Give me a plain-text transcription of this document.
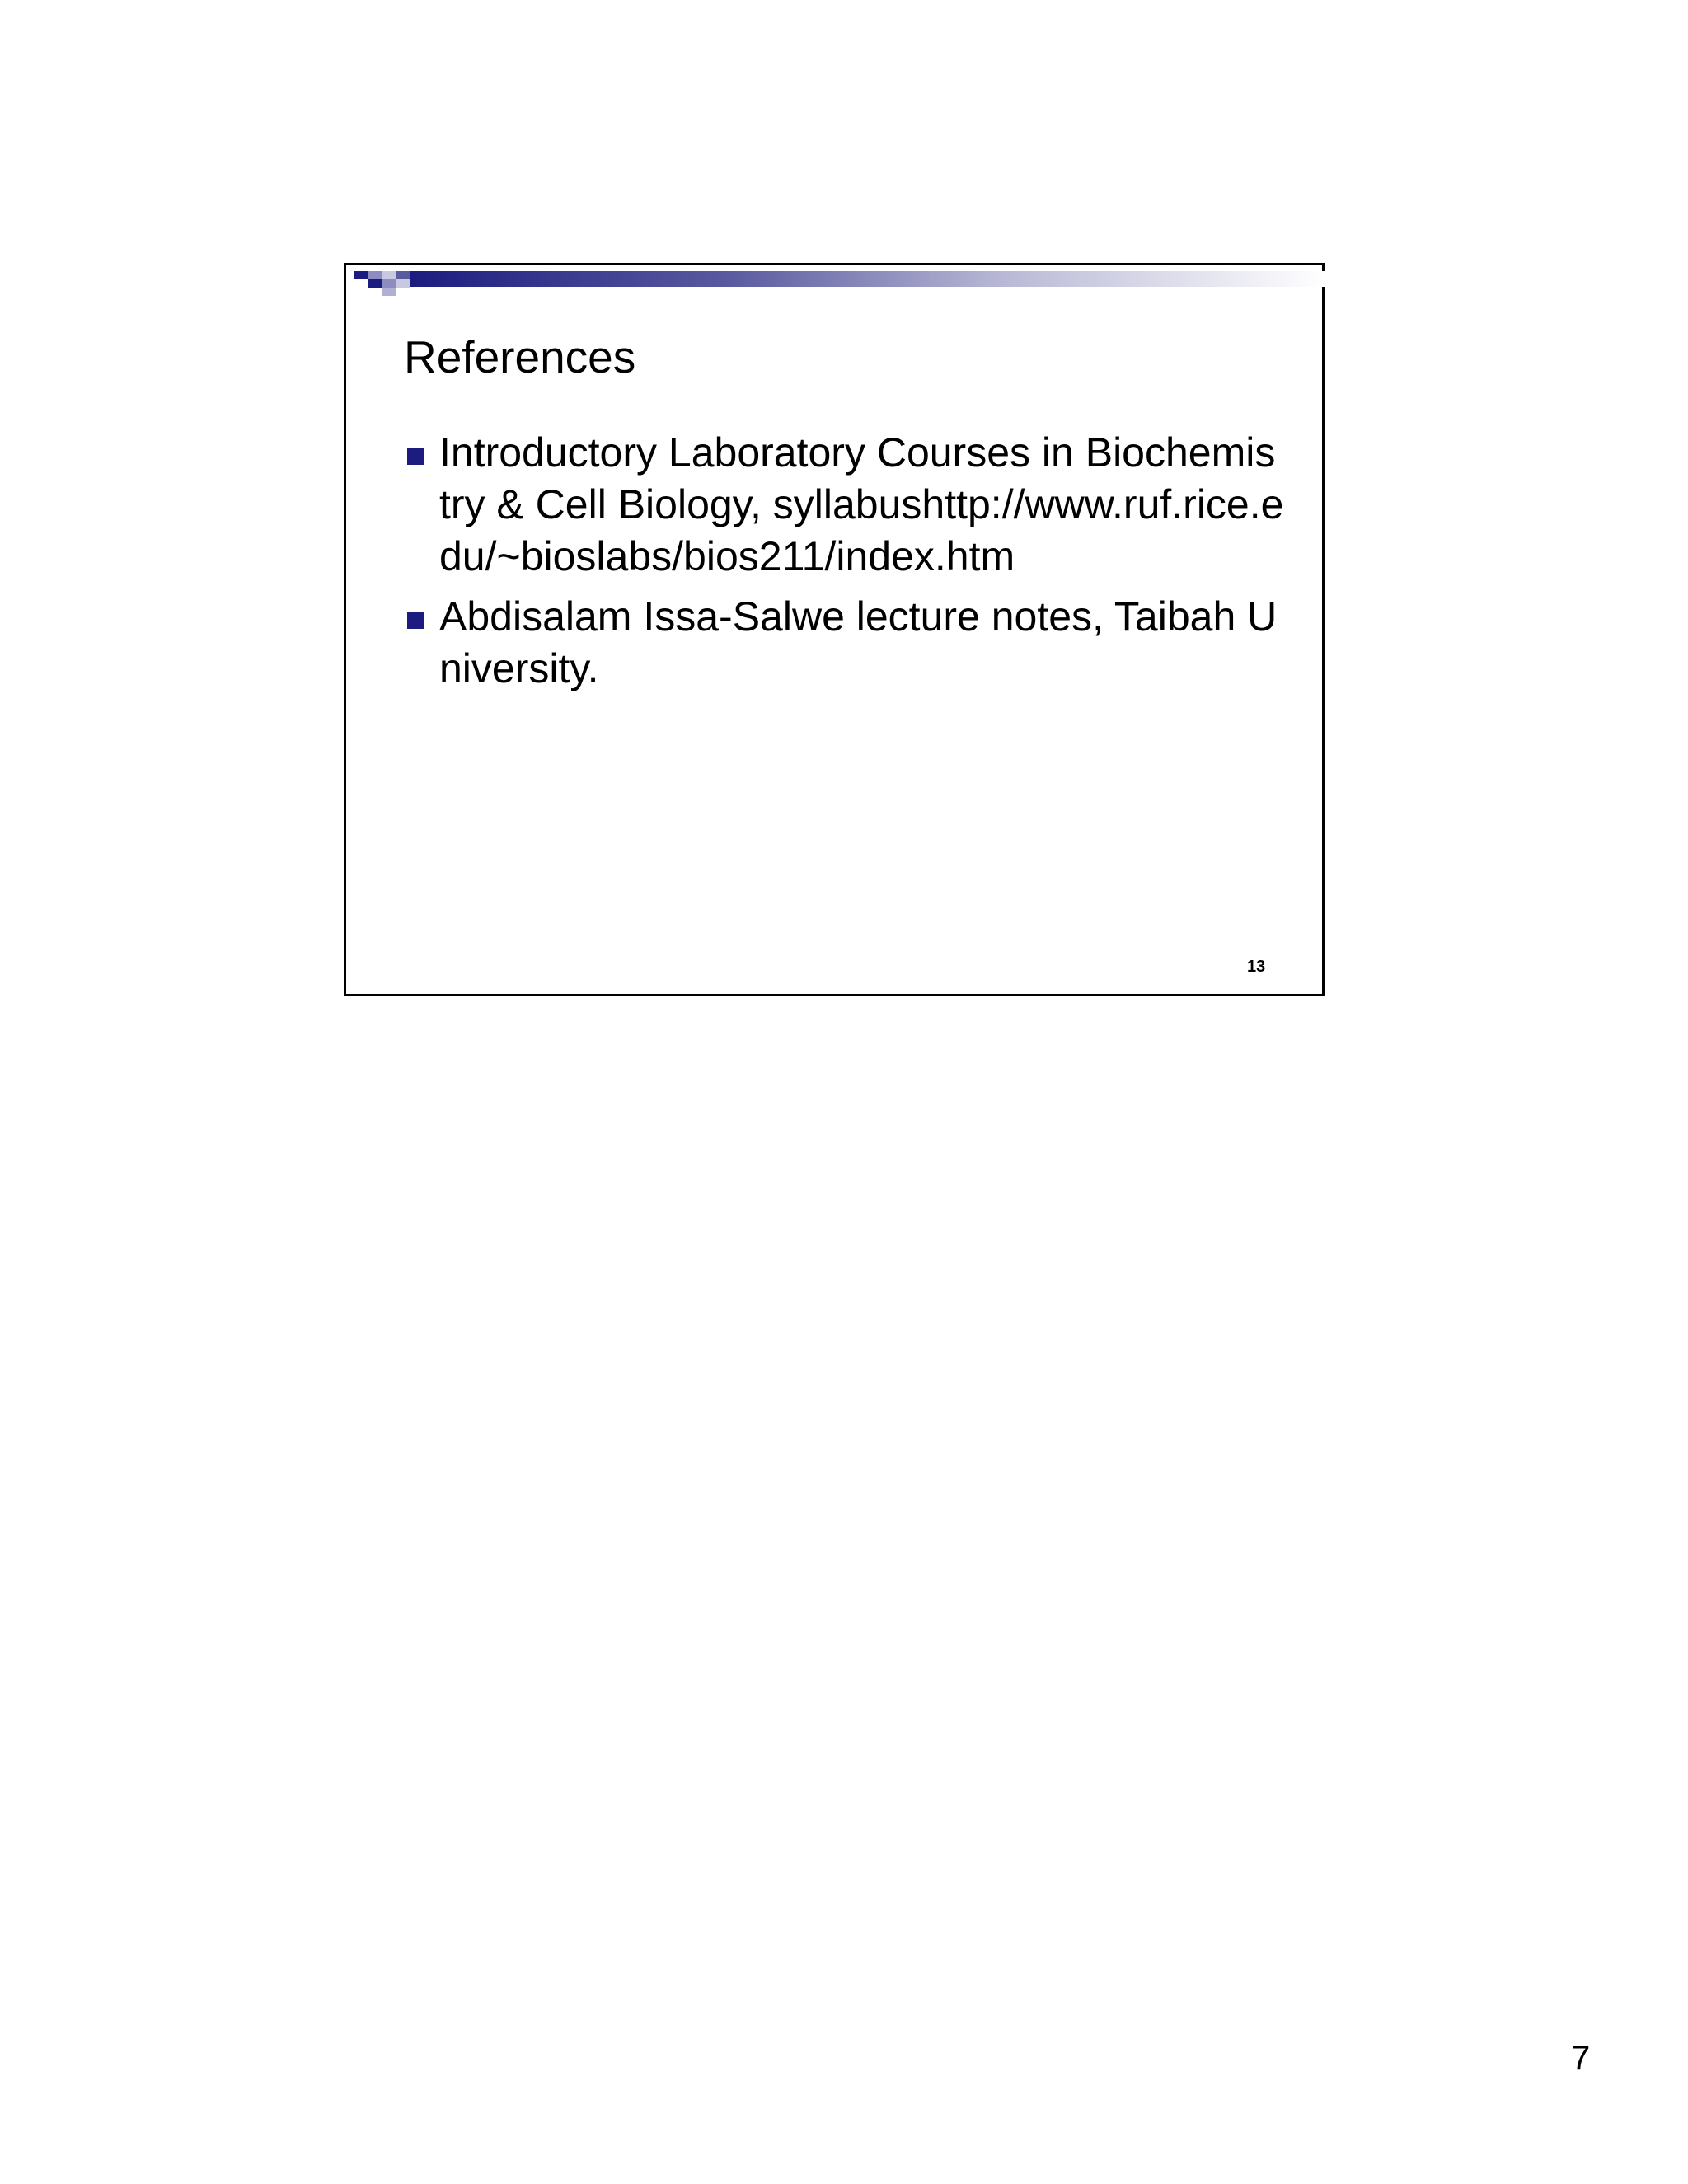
References
Introductory Laboratory Courses in Biochemistry & Cell Biology, syllabushttp://www.ruf.rice.edu/~bioslabs/bios211/index.htm
Abdisalam Issa-Salwe lecture notes, Taibah University.
13
7
